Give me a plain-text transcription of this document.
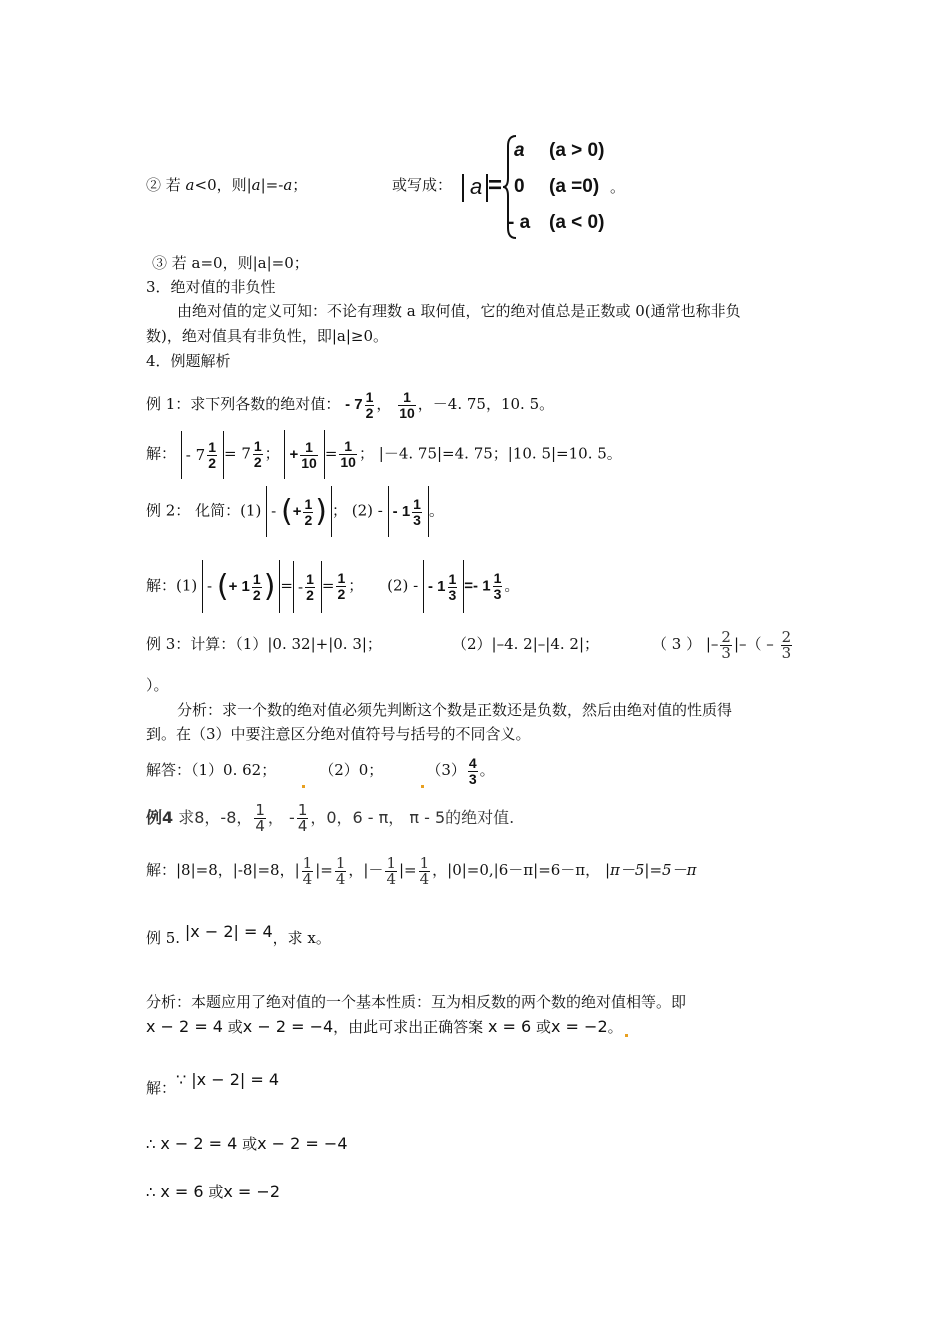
② 若 a<0，则|a|=-a；	或写成： a =
a (a > 0)
0 (a =0)
- a (a < 0)
。
③ 若 a=0，则|a|=0；
3．绝对值的非负性
由绝对值的定义可知：不论有理数 a 取何值，它的绝对值总是正数或 0(通常也称非负
数)，绝对值具有非负性，即|a|≥0。
4．例题解析
例 1：求下列各数的绝对值： - $7 \frac{1}{2}$ ， $\frac{1}{10}$ ，－4. 75，10. 5。
解： - $7 \frac{1}{2} = 7 \frac{1}{2}$ ； + $\frac{1}{10} = \frac{1}{10}$ ； |－4. 75|=4. 75；|10. 5|=10. 5。
例 2： 化简：(1) - (+ $\frac{1}{2}$ ) ； (2) - - $1 \frac{1}{3}$ 。
解：(1) - (+ $1 \frac{1}{2}$ ) = - $\frac{1}{2} = \frac{1}{2}$ ； (2) - - $1 \frac{1}{3} =- 1 \frac{1}{3}$ 。
例 3：计算：（1）|0. 32|+|0. 3|；	（2）|–4. 2|–|4. 2|；	（ 3 ） |– $\frac{2}{3}$ |–（ – $\frac{2}{3}$
）。
分析：求一个数的绝对值必须先判断这个数是正数还是负数，然后由绝对值的性质得
到。在（3）中要注意区分绝对值符号与括号的不同含义。
解答：（1）0. 62；	（2）0；	$(3) \frac{4}{3}$ 。
例4 求8，-8， $\frac{1}{4}$ ， - $\frac{1}{4}$ ，0，6 - π， π - 5的绝对值.
解：|8|=8，|-8|=8，| $\frac{1}{4}$ |= $\frac{1}{4}$ ，|－ $\frac{1}{4}$ |= $\frac{1}{4}$ ，|0|=0,|6－π|=6－π， |π－5|=5－π
例 5. |x − 2| = 4，求 x。
分析：本题应用了绝对值的一个基本性质：互为相反数的两个数的绝对值相等。即
x − 2 = 4 或x − 2 = −4，由此可求出正确答案 x = 6 或x = −2。
解：∵ |x − 2| = 4
∴ x − 2 = 4 或x − 2 = −4
∴ x = 6 或x = −2
